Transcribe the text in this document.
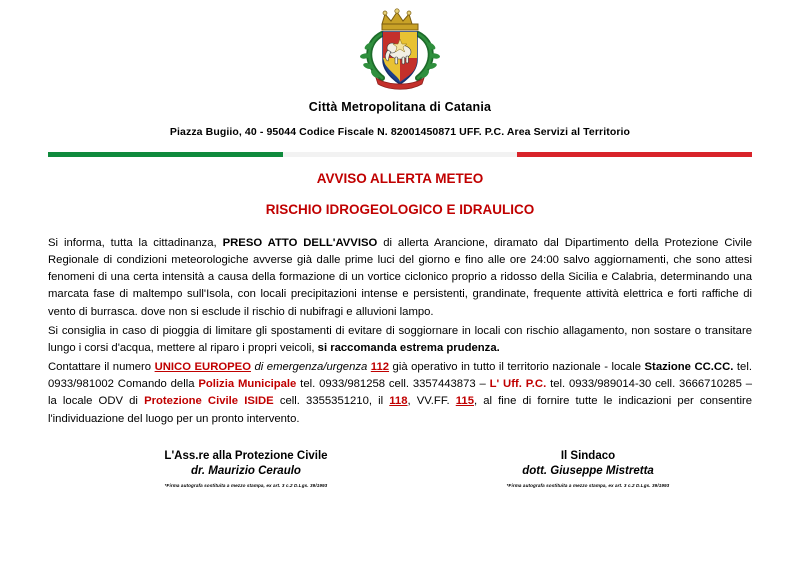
Città Metropolitana di Catania
Piazza Bugiio, 40 - 95044 Codice Fiscale N. 82001450871 UFF. P.C. Area Servizi al Territorio
AVVISO ALLERTA METEO
RISCHIO IDROGEOLOGICO E IDRAULICO

Si informa, tutta la cittadinanza, PRESO ATTO DELL'AVVISO di allerta Arancione, diramato dal Dipartimento della Protezione Civile Regionale di condizioni meteorologiche avverse già dalle prime luci del giorno e fino alle ore 24:00 salvo aggiornamenti, che sono attesi fenomeni di una certa intensità a causa della formazione di un vortice ciclonico proprio a ridosso della Sicilia e Calabria, determinando una marcata fase di maltempo sull'Isola, con locali precipitazioni intense e persistenti, grandinate, frequente attività elettrica e forti raffiche di vento di burrasca. dove non si esclude il rischio di nubifragi e alluvioni lampo.

Si consiglia in caso di pioggia di limitare gli spostamenti di evitare di soggiornare in locali con rischio allagamento, non sostare o transitare lungo i corsi d'acqua, mettere al riparo i propri veicoli, si raccomanda estrema prudenza.

Contattare il numero UNICO EUROPEO di emergenza/urgenza 112 già operativo in tutto il territorio nazionale - locale Stazione CC.CC. tel. 0933/981002 Comando della Polizia Municipale tel. 0933/981258 cell. 3357443873 – L' Uff. P.C. tel. 0933/989014-30 cell. 3666710285 – la locale ODV di Protezione Civile ISIDE cell. 3355351210, il 118, VV.FF. 115, al fine di fornire tutte le indicazioni per consentire l'individuazione del luogo per un pronto intervento.

L'Ass.re alla Protezione Civile
dr. Maurizio Ceraulo
*Firma autografa sostituita a mezzo stampa, ex art. 3 c.2 D.Lgs. 39/1993
Il Sindaco
dott. Giuseppe Mistretta
*Firma autografa sostituita a mezzo stampa, ex art. 3 c.2 D.Lgs. 39/1993
